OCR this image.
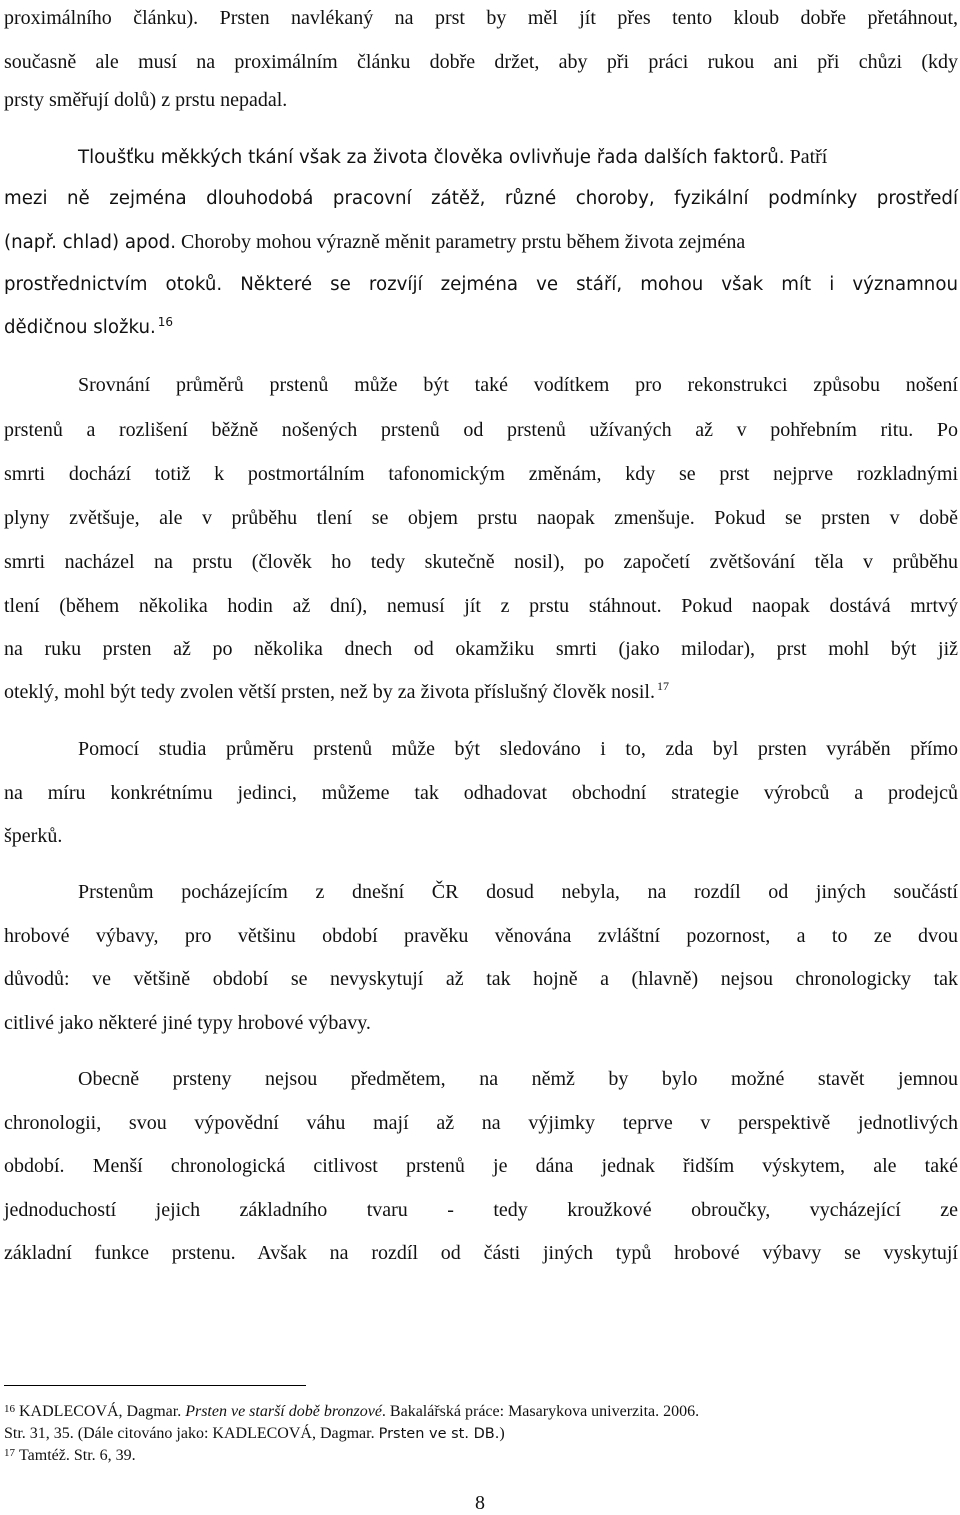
proximálního článku). Prsten navlékaný na prst by měl jít přes tento kloub dobře přetáhnout,
současně ale musí na proximálním článku dobře držet, aby při práci rukou ani při chůzi (kdy
prsty směřují dolů) z prstu nepadal.
Tloušťku měkkých tkání však za života člověka ovlivňuje řada dalších faktorů. Patří
mezi ně zejména dlouhodobá pracovní zátěž, různé choroby, fyzikální podmínky prostředí
(např. chlad) apod. Choroby mohou výrazně měnit parametry prstu během života zejména
prostřednictvím otoků. Některé se rozvíjí zejména ve stáří, mohou však mít i významnou
dědičnou složku. $^{16}$
Srovnání průměrů prstenů může být také vodítkem pro rekonstrukci způsobu nošení
prstenů a rozlišení běžně nošených prstenů od prstenů užívaných až v pohřebním ritu. Po
smrti dochází totiž k postmortálním tafonomickým změnám, kdy se prst nejprve rozkladnými
plyny zvětšuje, ale v průběhu tlení se objem prstu naopak zmenšuje. Pokud se prsten v době
smrti nacházel na prstu (člověk ho tedy skutečně nosil), po započetí zvětšování těla v průběhu
tlení (během několika hodin až dní), nemusí jít z prstu stáhnout. Pokud naopak dostává mrtvý
na ruku prsten až po několika dnech od okamžiku smrti (jako milodar), prst mohl být již
oteklý, mohl být tedy zvolen větší prsten, než by za života příslušný člověk nosil. $^{17}$
Pomocí studia průměru prstenů může být sledováno i to, zda byl prsten vyráběn přímo
na míru konkrétnímu jedinci, můžeme tak odhadovat obchodní strategie výrobců a prodejců
šperků.
Prstenům pocházejícím z dnešní ČR dosud nebyla, na rozdíl od jiných součástí
hrobové výbavy, pro většinu období pravěku věnována zvláštní pozornost, a to ze dvou
důvodů: ve většině období se nevyskytují až tak hojně a (hlavně) nejsou chronologicky tak
citlivé jako některé jiné typy hrobové výbavy.
Obecně prsteny nejsou předmětem, na němž by bylo možné stavět jemnou
chronologii, svou výpovědní váhu mají až na výjimky teprve v perspektivě jednotlivých
období. Menší chronologická citlivost prstenů je dána jednak řidším výskytem, ale také
jednoduchostí jejich základního tvaru - tedy kroužkové obroučky, vycházející ze
základní funkce prstenu. Avšak na rozdíl od části jiných typů hrobové výbavy se vyskytují
$^{16}$ KADLECOVÁ, Dagmar. Prsten ve starší době bronzové. Bakalářská práce: Masarykova univerzita. 2006.
Str. 31, 35. (Dále citováno jako: KADLECOVÁ, Dagmar. Prsten ve st. DB.)
$^{17}$ Tamtéž. Str. 6, 39.
8
